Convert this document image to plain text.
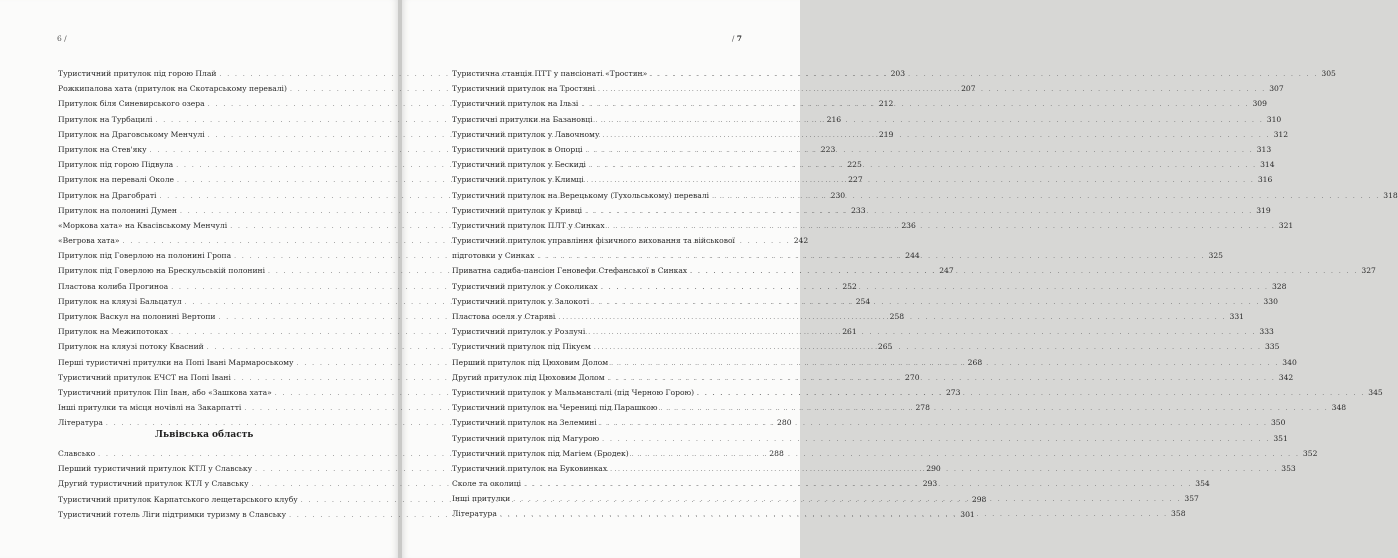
6 /	/ 7
Туристичний притулок під горою Плай . . .	203
Рожкипалова хата (притулок на Скотарському перевалі) . . .	207
Притулок біля Синевирського озера . . .	212
Притулок на Турбацилі . . .	216
Притулок на Драговському Менчулі . . .	219
Притулок на Стев'яку . . .	223
Притулок під горою Підвула . . .	225
Притулок на перевалі Околе . . .	227
Притулок на Драгобраті . . .	230
Притулок на полонині Думен . . .	233
«Моркова хата» на Квасівському Менчулі . . .	236
«Вегрова хата» . . .	242
Притулок під Говерлою на полонині Гропа . . .	244
Притулок під Говерлою на Брескульській полонині . . .	247
Пластова колиба Прогиноа . . .	252
Притулок на кляузі Бальцатул . . .	254
Притулок Васкул на полонині Вертопи . . .	258
Притулок на Межипотоках . . .	261
Притулок на кляузі потоку Квасний . . .	265
Перші туристичні притулки на Попі Івані Мармароському . . .	268
Туристичний притулок ЕЧСТ на Попі Івані . . .	270
Туристичний притулок Піп Іван, або «Зашкова хата» . . .	273
Інші притулки та місця ночівлі на Закарпатті . . .	278
Література . . .	280
Львівська область
Славсько . . .	288
Перший туристичний притулок КТЛ у Славську . . .	290
Другий туристичний притулок КТЛ у Славську . . .	293
Туристичний притулок Карпатського лещетарського клубу . . .	298
Туристичний готель Ліги підтримки туризму в Славську . . .	301
Туристична станція ПТТ у пансіонаті «Тростян» . . .	305
Туристичний притулок на Тростяні . . .	307
Туристичний притулок на Ільзі . . .	309
Туристичні притулки на Базановці . . .	310
Туристичний притулок у Лавочному . . .	312
Туристичний притулок в Опорці . . .	313
Туристичний притулок у Бескиді . . .	314
Туристичний притулок у Климці . . .	316
Туристичний притулок на Верецькому (Тухольському) перевалі . . .	318
Туристичний притулок у Кривці . . .	319
Туристичний притулок ПЛТ у Синках . . .	321
Туристичний притулок управління фізичного виховання та військової
підготовки у Синках . . .	325
Приватна садиба-пансіон Геновефи Стефанської в Синках . . .	327
Туристичний притулок у Соколиках . . .	328
Туристичний притулок у Залокоті . . .	330
Пластова оселя у Старяві . . .	331
Туристичний притулок у Розлучі . . .	333
Туристичний притулок під Пікуєм . . .	335
Перший притулок під Цюховим Долом . . .	340
Другий притулок під Цюховим Долом . . .	342
Туристичний притулок у Мальмансталі (під Черною Горою) . . .	345
Туристичний притулок на Черениці під Парашкою . . .	348
Туристичний притулок на Зелемині . . .	350
Туристичний притулок під Магурою . . .	351
Туристичний притулок під Магіем (Бродек) . . .	352
Туристичний притулок на Буковинках . . .	353
Сколе та околиці . . .	354
Інші притулки . . .	357
Література . . .	358
